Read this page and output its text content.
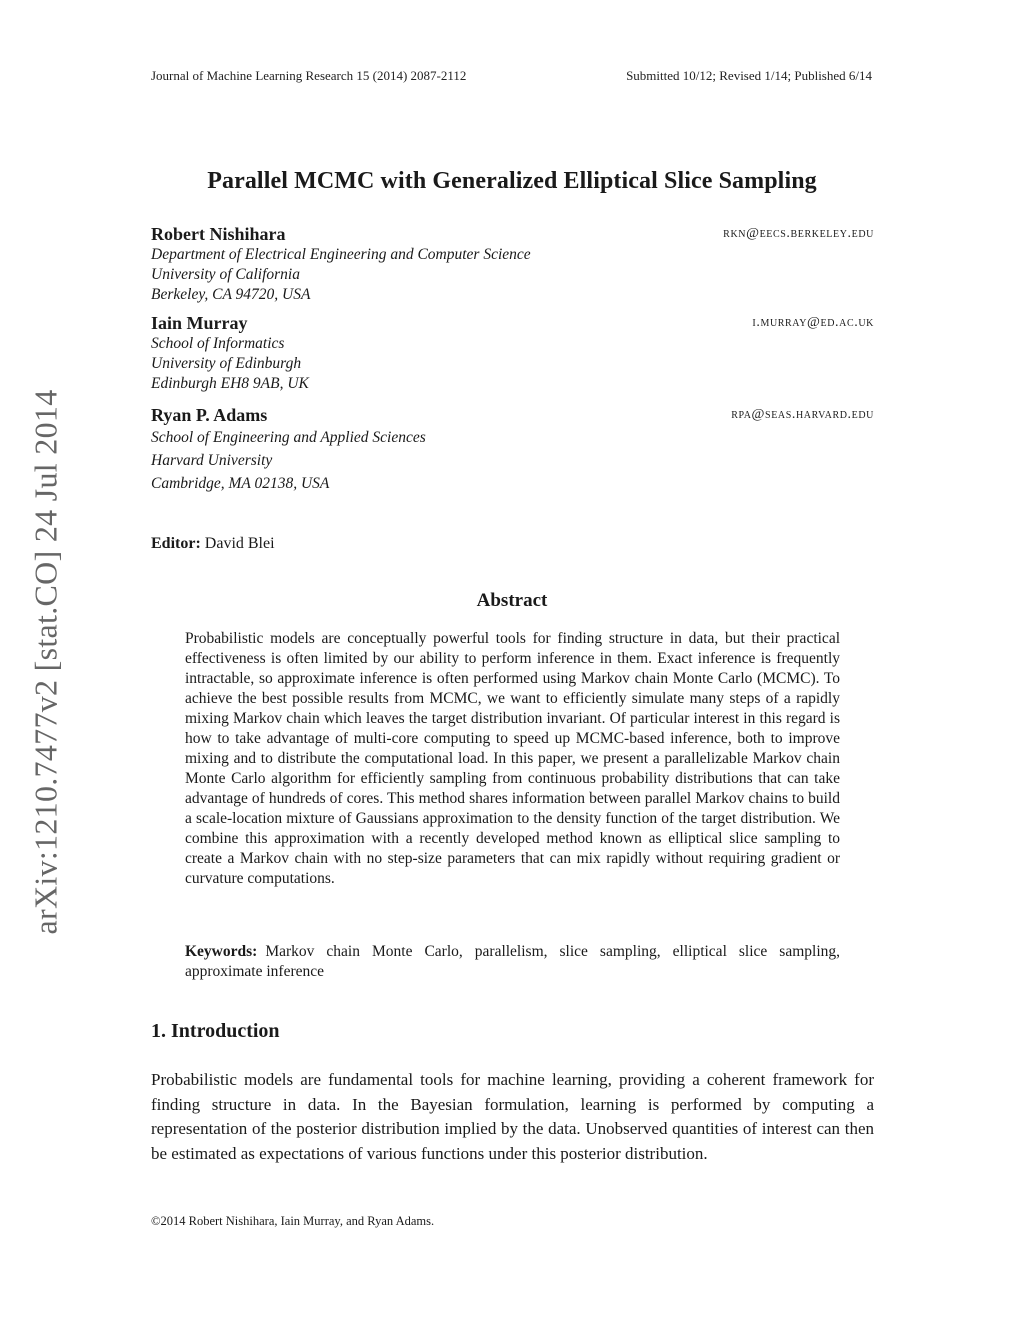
arXiv:1210.7477v2 [stat.CO] 24 Jul 2014
Journal of Machine Learning Research 15 (2014) 2087-2112	Submitted 10/12; Revised 1/14; Published 6/14
Parallel MCMC with Generalized Elliptical Slice Sampling
Robert Nishihara	rkn@eecs.berkeley.edu
Department of Electrical Engineering and Computer Science
University of California
Berkeley, CA 94720, USA
Iain Murray	i.murray@ed.ac.uk
School of Informatics
University of Edinburgh
Edinburgh EH8 9AB, UK
Ryan P. Adams	rpa@seas.harvard.edu
School of Engineering and Applied Sciences
Harvard University
Cambridge, MA 02138, USA
Editor: David Blei
Abstract
Probabilistic models are conceptually powerful tools for finding structure in data, but their practical effectiveness is often limited by our ability to perform inference in them. Exact inference is frequently intractable, so approximate inference is often performed using Markov chain Monte Carlo (MCMC). To achieve the best possible results from MCMC, we want to efficiently simulate many steps of a rapidly mixing Markov chain which leaves the target distribution invariant. Of particular interest in this regard is how to take advantage of multi-core computing to speed up MCMC-based inference, both to improve mixing and to distribute the computational load. In this paper, we present a parallelizable Markov chain Monte Carlo algorithm for efficiently sampling from continuous probability distributions that can take advantage of hundreds of cores. This method shares information between parallel Markov chains to build a scale-location mixture of Gaussians approximation to the density function of the target distribution. We combine this approximation with a recently developed method known as elliptical slice sampling to create a Markov chain with no step-size parameters that can mix rapidly without requiring gradient or curvature computations.
Keywords: Markov chain Monte Carlo, parallelism, slice sampling, elliptical slice sampling, approximate inference
1. Introduction
Probabilistic models are fundamental tools for machine learning, providing a coherent framework for finding structure in data. In the Bayesian formulation, learning is performed by computing a representation of the posterior distribution implied by the data. Unobserved quantities of interest can then be estimated as expectations of various functions under this posterior distribution.
©2014 Robert Nishihara, Iain Murray, and Ryan Adams.
